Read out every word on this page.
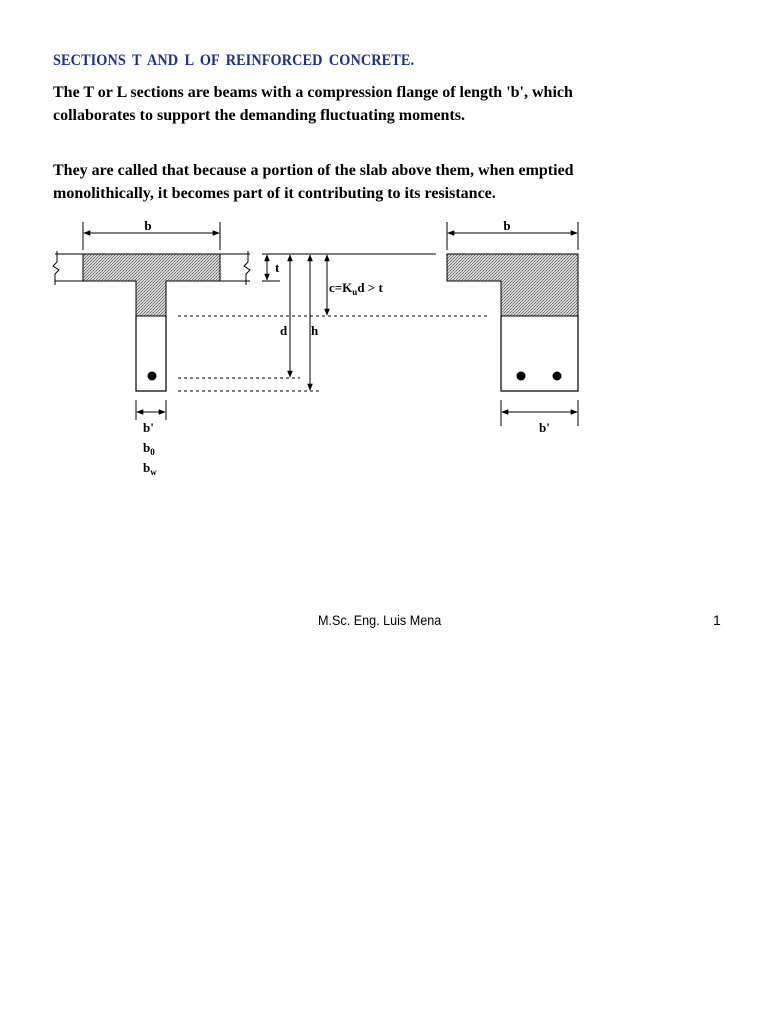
SECTIONS T AND L OF REINFORCED CONCRETE.
The T or L sections are beams with a compression flange of length 'b', which
collaborates to support the demanding fluctuating moments.
They are called that because a portion of the slab above them, when emptied
monolithically, it becomes part of it contributing to its resistance.
b
t
d h
$c=K_ud > t$
b'
$b_0$
$b_w$
b
b'
M.Sc. Eng. Luis Mena	1
